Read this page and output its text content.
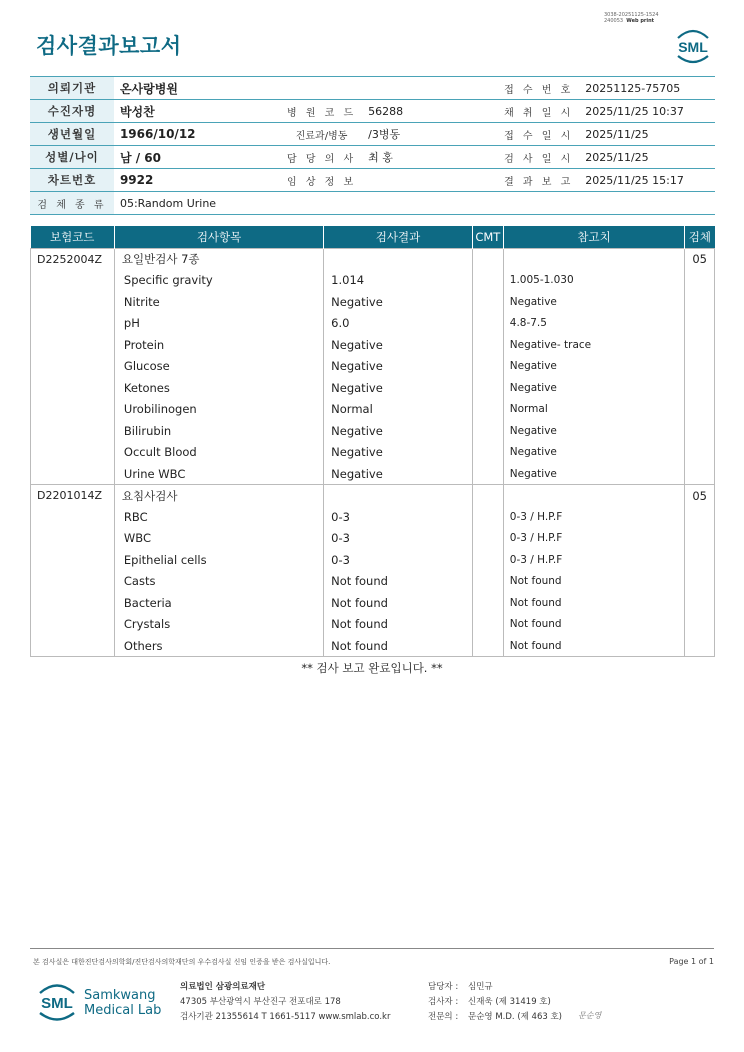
3038-20251125-1524
240053 Web print
검사결과보고서	SML
의뢰기관	온사랑병원			접 수 번 호	20251125-75705
수진자명	박성찬	병 원 코 드	56288	채 취 일 시	2025/11/25 10:37
생년월일	1966/10/12	진료과/병동	/3병동	접 수 일 시	2025/11/25
성별/나이	남 / 60	담 당 의 사	최 홍	검 사 일 시	2025/11/25
차트번호	9922	임 상 정 보		결 과 보 고	2025/11/25 15:17
검 체 종 류	05:Random Urine				
보험코드	검사항목	검사결과	CMT	참고치	검체
D2252004Z	요일반검사 7종				05
	Specific gravity	1.014		1.005-1.030	
	Nitrite	Negative		Negative	
	pH	6.0		4.8-7.5	
	Protein	Negative		Negative- trace	
	Glucose	Negative		Negative	
	Ketones	Negative		Negative	
	Urobilinogen	Normal		Normal	
	Bilirubin	Negative		Negative	
	Occult Blood	Negative		Negative	
	Urine WBC	Negative		Negative	
D2201014Z	요침사검사				05
	RBC	0-3		0-3 / H.P.F	
	WBC	0-3		0-3 / H.P.F	
	Epithelial cells	0-3		0-3 / H.P.F	
	Casts	Not found		Not found	
	Bacteria	Not found		Not found	
	Crystals	Not found		Not found	
	Others	Not found		Not found	
** 검사 보고 완료입니다. **
본 검사실은 대한진단검사의학회/진단검사의학재단의 우수검사실 신임 인증을 받은 검사실입니다.	Page 1 of 1
SML Samkwang
Medical Lab
의료법인 삼광의료재단
47305 부산광역시 부산진구 전포대로 178
검사기관 21355614 T 1661-5117 www.smlab.co.kr
담당자 : 심민규
검사자 : 신재욱 (제 31419 호)
전문의 : 문순영 M.D. (제 463 호) 문순영
